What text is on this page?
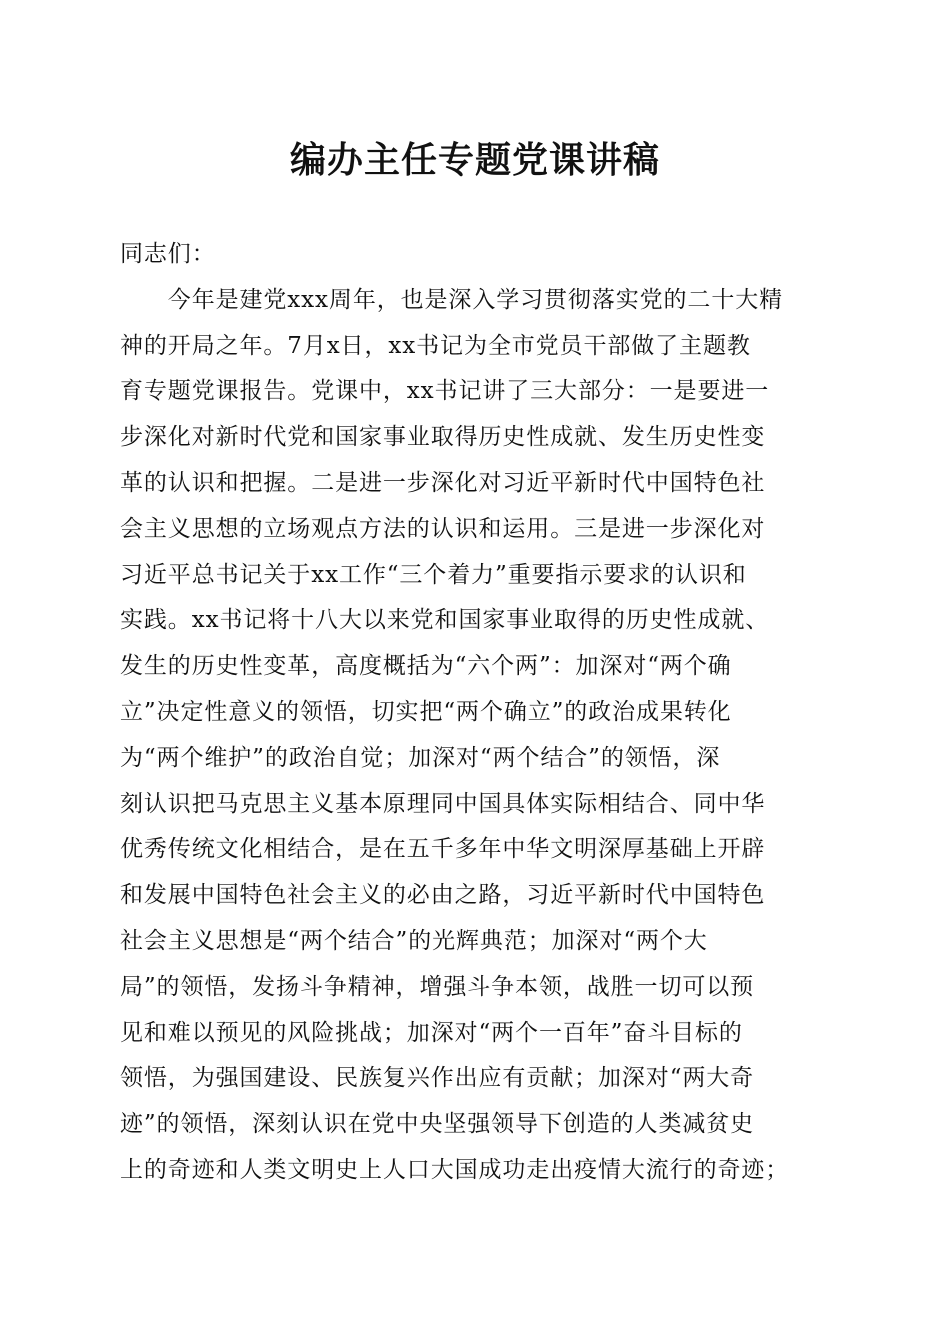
编办主任专题党课讲稿
同志们：
　　今年是建党xxx周年，也是深入学习贯彻落实党的二十大精
神的开局之年。7月x日，xx书记为全市党员干部做了主题教
育专题党课报告。党课中，xx书记讲了三大部分：一是要进一
步深化对新时代党和国家事业取得历史性成就、发生历史性变
革的认识和把握。二是进一步深化对习近平新时代中国特色社
会主义思想的立场观点方法的认识和运用。三是进一步深化对
习近平总书记关于xx工作“三个着力”重要指示要求的认识和
实践。xx书记将十八大以来党和国家事业取得的历史性成就、
发生的历史性变革，高度概括为“六个两”：加深对“两个确
立”决定性意义的领悟，切实把“两个确立”的政治成果转化
为“两个维护”的政治自觉；加深对“两个结合”的领悟，深
刻认识把马克思主义基本原理同中国具体实际相结合、同中华
优秀传统文化相结合，是在五千多年中华文明深厚基础上开辟
和发展中国特色社会主义的必由之路，习近平新时代中国特色
社会主义思想是“两个结合”的光辉典范；加深对“两个大
局”的领悟，发扬斗争精神，增强斗争本领，战胜一切可以预
见和难以预见的风险挑战；加深对“两个一百年”奋斗目标的
领悟，为强国建设、民族复兴作出应有贡献；加深对“两大奇
迹”的领悟，深刻认识在党中央坚强领导下创造的人类减贫史
上的奇迹和人类文明史上人口大国成功走出疫情大流行的奇迹；
